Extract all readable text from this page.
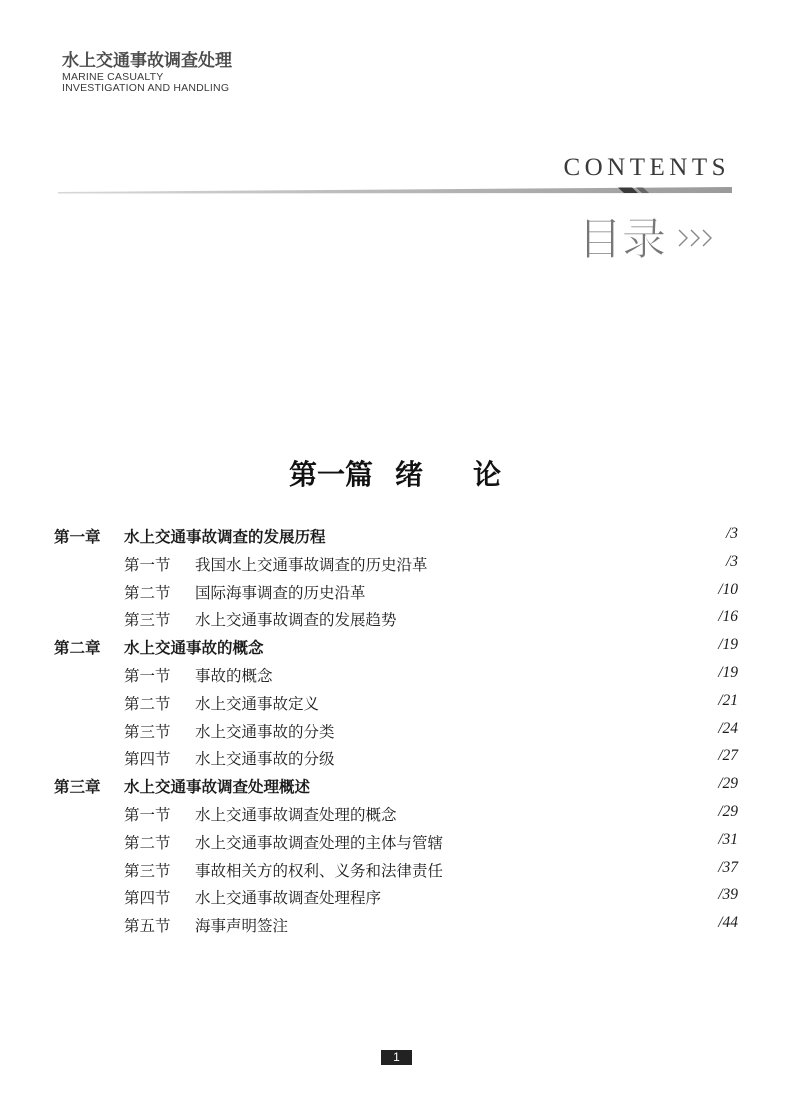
水上交通事故调查处理
MARINE CASUALTY
INVESTIGATION AND HANDLING
CONTENTS
目录
第一篇 绪 论
第一章 水上交通事故调查的发展历程	/3
第一节 我国水上交通事故调查的历史沿革	/3
第二节 国际海事调查的历史沿革	/10
第三节 水上交通事故调查的发展趋势	/16
第二章 水上交通事故的概念	/19
第一节 事故的概念	/19
第二节 水上交通事故定义	/21
第三节 水上交通事故的分类	/24
第四节 水上交通事故的分级	/27
第三章 水上交通事故调查处理概述	/29
第一节 水上交通事故调查处理的概念	/29
第二节 水上交通事故调查处理的主体与管辖	/31
第三节 事故相关方的权利、义务和法律责任	/37
第四节 水上交通事故调查处理程序	/39
第五节 海事声明签注	/44
1
